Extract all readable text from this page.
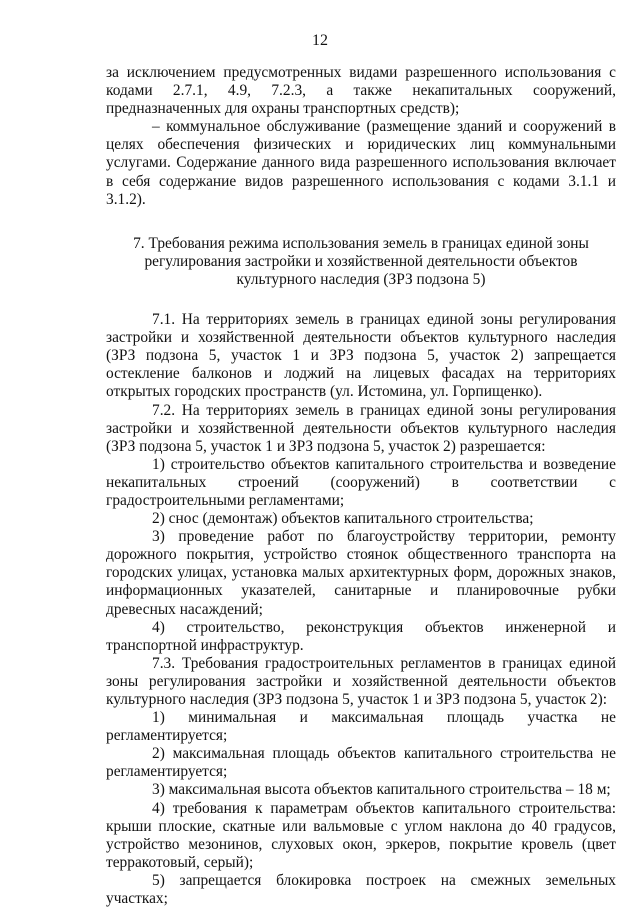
12

за исключением предусмотренных видами разрешенного использования с кодами 2.7.1, 4.9, 7.2.3, а также некапитальных сооружений, предназначенных для охраны транспортных средств);

– коммунальное обслуживание (размещение зданий и сооружений в целях обеспечения физических и юридических лиц коммунальными услугами. Содержание данного вида разрешенного использования включает в себя содержание видов разрешенного использования с кодами 3.1.1 и 3.1.2).

7. Требования режима использования земель в границах единой зоны регулирования застройки и хозяйственной деятельности объектов культурного наследия (ЗРЗ подзона 5)

7.1. На территориях земель в границах единой зоны регулирования застройки и хозяйственной деятельности объектов культурного наследия (ЗРЗ подзона 5, участок 1 и ЗРЗ подзона 5, участок 2) запрещается остекление балконов и лоджий на лицевых фасадах на территориях открытых городских пространств (ул. Истомина, ул. Горпищенко).

7.2. На территориях земель в границах единой зоны регулирования застройки и хозяйственной деятельности объектов культурного наследия (ЗРЗ подзона 5, участок 1 и ЗРЗ подзона 5, участок 2) разрешается:

1) строительство объектов капитального строительства и возведение некапитальных строений (сооружений) в соответствии с градостроительными регламентами;

2) снос (демонтаж) объектов капитального строительства;

3) проведение работ по благоустройству территории, ремонту дорожного покрытия, устройство стоянок общественного транспорта на городских улицах, установка малых архитектурных форм, дорожных знаков, информационных указателей, санитарные и планировочные рубки древесных насаждений;

4) строительство, реконструкция объектов инженерной и транспортной инфраструктур.

7.3. Требования градостроительных регламентов в границах единой зоны регулирования застройки и хозяйственной деятельности объектов культурного наследия (ЗРЗ подзона 5, участок 1 и ЗРЗ подзона 5, участок 2):

1) минимальная и максимальная площадь участка не регламентируется;

2) максимальная площадь объектов капитального строительства не регламентируется;

3) максимальная высота объектов капитального строительства – 18 м;

4) требования к параметрам объектов капитального строительства: крыши плоские, скатные или вальмовые с углом наклона до 40 градусов, устройство мезонинов, слуховых окон, эркеров, покрытие кровель (цвет терракотовый, серый);

5) запрещается блокировка построек на смежных земельных участках;
